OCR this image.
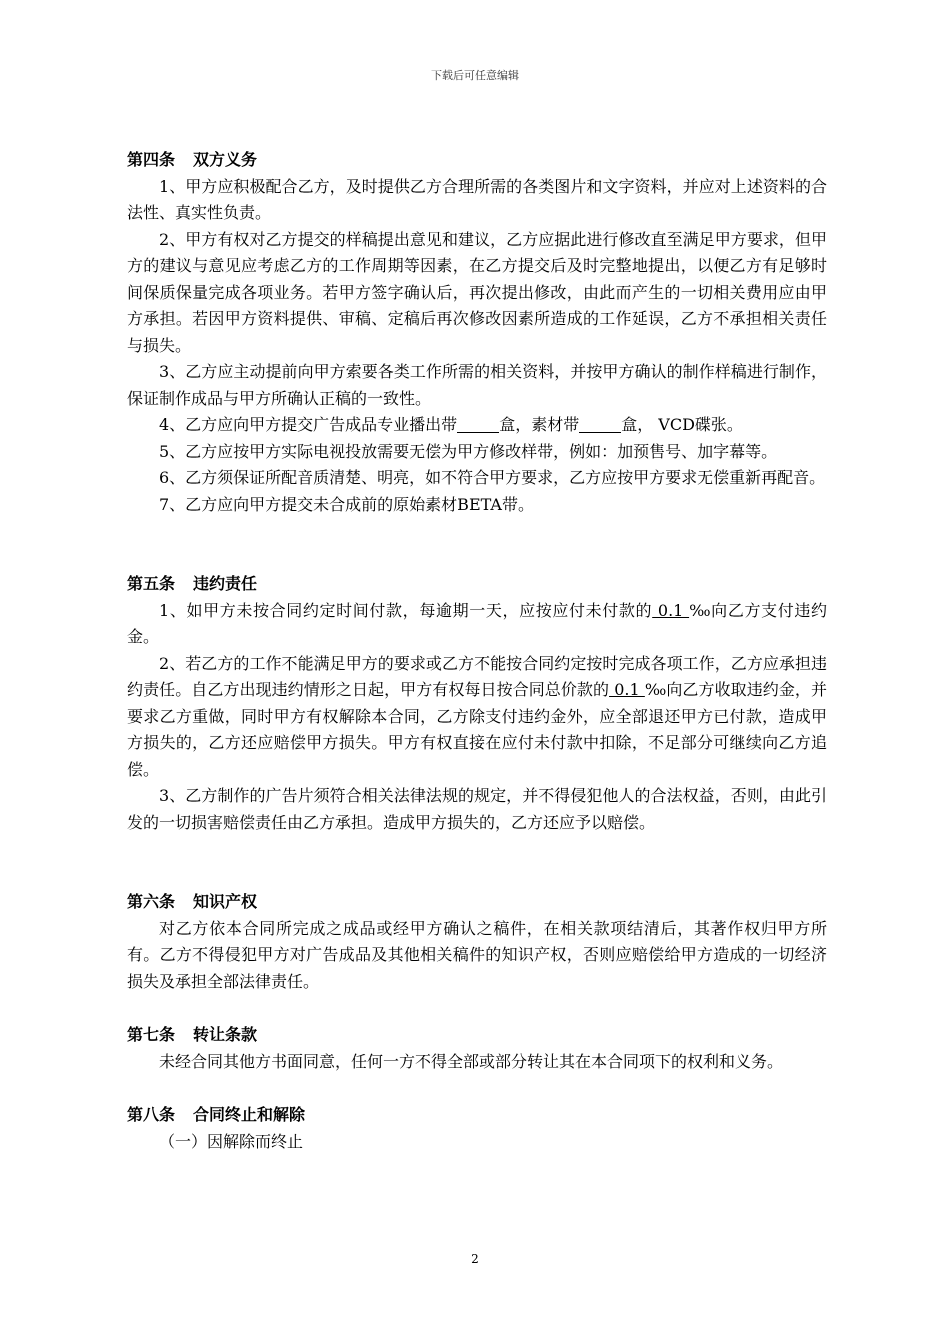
下载后可任意编辑
第四条 双方义务

1、甲方应积极配合乙方，及时提供乙方合理所需的各类图片和文字资料，并应对上述资料的合法性、真实性负责。

2、甲方有权对乙方提交的样稿提出意见和建议，乙方应据此进行修改直至满足甲方要求，但甲方的建议与意见应考虑乙方的工作周期等因素，在乙方提交后及时完整地提出，以便乙方有足够时间保质保量完成各项业务。若甲方签字确认后，再次提出修改，由此而产生的一切相关费用应由甲方承担。若因甲方资料提供、审稿、定稿后再次修改因素所造成的工作延误，乙方不承担相关责任与损失。

3、乙方应主动提前向甲方索要各类工作所需的相关资料，并按甲方确认的制作样稿进行制作，保证制作成品与甲方所确认正稿的一致性。

4、乙方应向甲方提交广告成品专业播出带	盒，素材带	盒， VCD碟张。

5、乙方应按甲方实际电视投放需要无偿为甲方修改样带，例如：加预售号、加字幕等。

6、乙方须保证所配音质清楚、明亮，如不符合甲方要求，乙方应按甲方要求无偿重新再配音。

7、乙方应向甲方提交未合成前的原始素材BETA带。

第五条 违约责任

1、如甲方未按合同约定时间付款，每逾期一天，应按应付未付款的 0.1 ‰向乙方支付违约金。

2、若乙方的工作不能满足甲方的要求或乙方不能按合同约定按时完成各项工作，乙方应承担违约责任。自乙方出现违约情形之日起，甲方有权每日按合同总价款的 0.1 ‰向乙方收取违约金，并要求乙方重做，同时甲方有权解除本合同，乙方除支付违约金外，应全部退还甲方已付款，造成甲方损失的，乙方还应赔偿甲方损失。甲方有权直接在应付未付款中扣除，不足部分可继续向乙方追偿。

3、乙方制作的广告片须符合相关法律法规的规定，并不得侵犯他人的合法权益，否则，由此引发的一切损害赔偿责任由乙方承担。造成甲方损失的，乙方还应予以赔偿。

第六条 知识产权

对乙方依本合同所完成之成品或经甲方确认之稿件，在相关款项结清后，其著作权归甲方所有。乙方不得侵犯甲方对广告成品及其他相关稿件的知识产权，否则应赔偿给甲方造成的一切经济损失及承担全部法律责任。

第七条 转让条款

未经合同其他方书面同意，任何一方不得全部或部分转让其在本合同项下的权利和义务。

第八条 合同终止和解除

（一）因解除而终止

2
